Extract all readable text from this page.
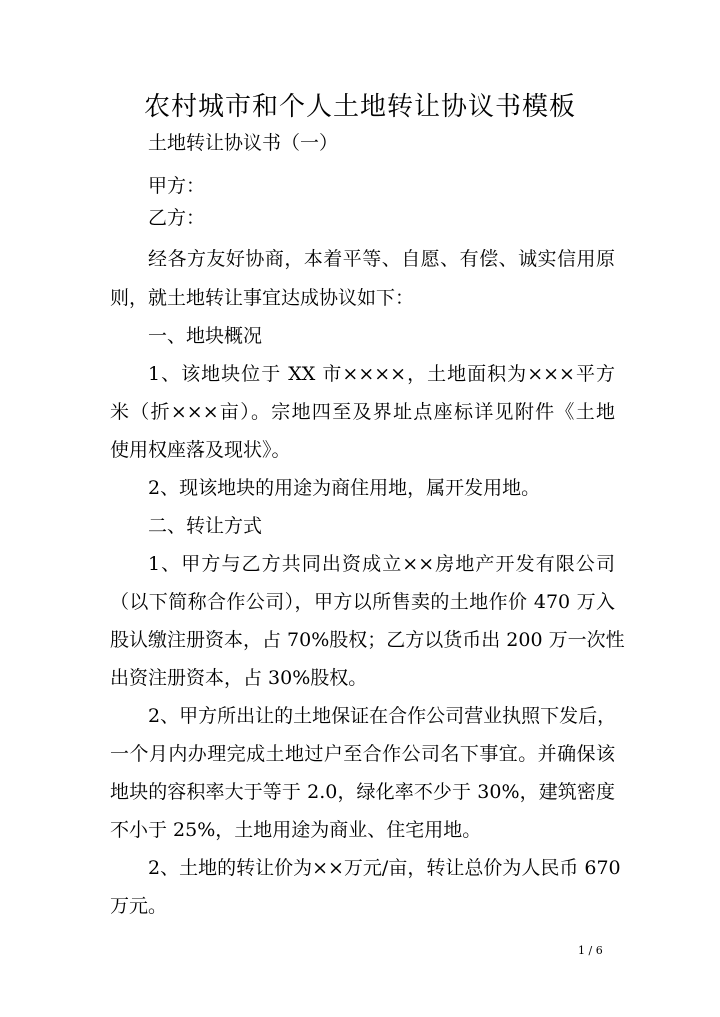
农村城市和个人土地转让协议书模板
土地转让协议书（一）
甲方：
乙方：
经各方友好协商，本着平等、自愿、有偿、诚实信用原
则，就土地转让事宜达成协议如下：
一、地块概况
1、该地块位于 XX 市××××，土地面积为×××平方
米（折×××亩）。宗地四至及界址点座标详见附件《土地
使用权座落及现状》。
2、现该地块的用途为商住用地，属开发用地。
二、转让方式
1、甲方与乙方共同出资成立××房地产开发有限公司
（以下简称合作公司），甲方以所售卖的土地作价 470 万入
股认缴注册资本，占 70%股权；乙方以货币出 200 万一次性
出资注册资本，占 30%股权。
2、甲方所出让的土地保证在合作公司营业执照下发后，
一个月内办理完成土地过户至合作公司名下事宜。并确保该
地块的容积率大于等于 2.0，绿化率不少于 30%，建筑密度
不小于 25%，土地用途为商业、住宅用地。
2、土地的转让价为××万元/亩，转让总价为人民币 670
万元。
1 / 6
